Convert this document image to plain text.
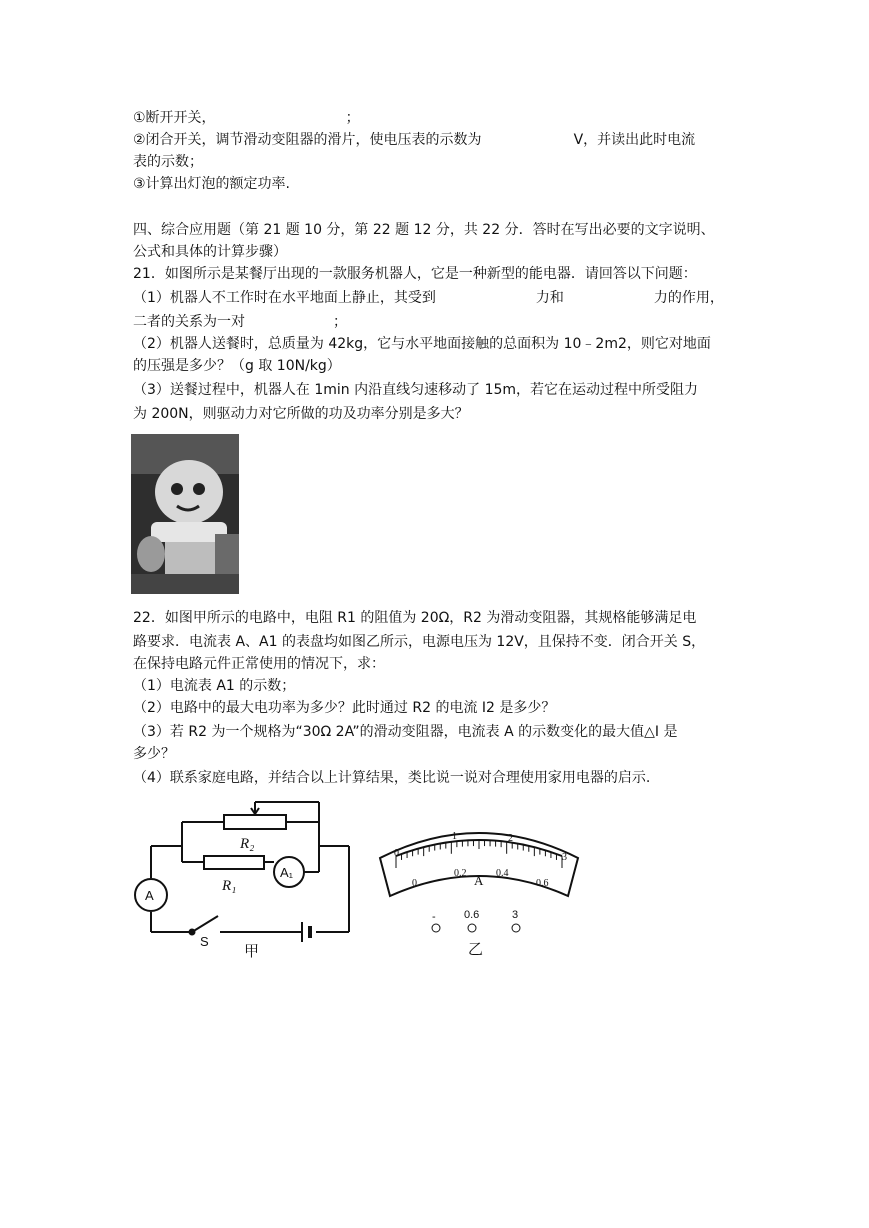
①断开开关，	；
②闭合开关，调节滑动变阻器的滑片，使电压表的示数为	V，并读出此时电流
表的示数；
③计算出灯泡的额定功率.
四、综合应用题（第 21 题 10 分，第 22 题 12 分，共 22 分．答时在写出必要的文字说明、
公式和具体的计算步骤）
21．如图所示是某餐厅出现的一款服务机器人，它是一种新型的能电器．请回答以下问题：
（1）机器人不工作时在水平地面上静止，其受到	力和	力的作用，
二者的关系为一对	；
（2）机器人送餐时，总质量为 42kg，它与水平地面接触的总面积为 10﹣2m2，则它对地面
的压强是多少？（g 取 10N/kg）
（3）送餐过程中，机器人在 1min 内沿直线匀速移动了 15m，若它在运动过程中所受阻力
为 200N，则驱动力对它所做的功及功率分别是多大？
22．如图甲所示的电路中，电阻 R1 的阻值为 20Ω，R2 为滑动变阻器，其规格能够满足电
路要求．电流表 A、A1 的表盘均如图乙所示，电源电压为 12V，且保持不变．闭合开关 S，
在保持电路元件正常使用的情况下，求：
（1）电流表 A1 的示数；
（2）电路中的最大电功率为多少？此时通过 R2 的电流 I2 是多少？
（3）若 R2 为一个规格为“30Ω 2A”的滑动变阻器，电流表 A 的示数变化的最大值△I 是
多少？
（4）联系家庭电路，并结合以上计算结果，类比说一说对合理使用家用电器的启示.
R₂
R₁
A
A₁
S
甲
0
1	2
3
0
0.2	0.4
0.6
A
-	0.6	3
乙
